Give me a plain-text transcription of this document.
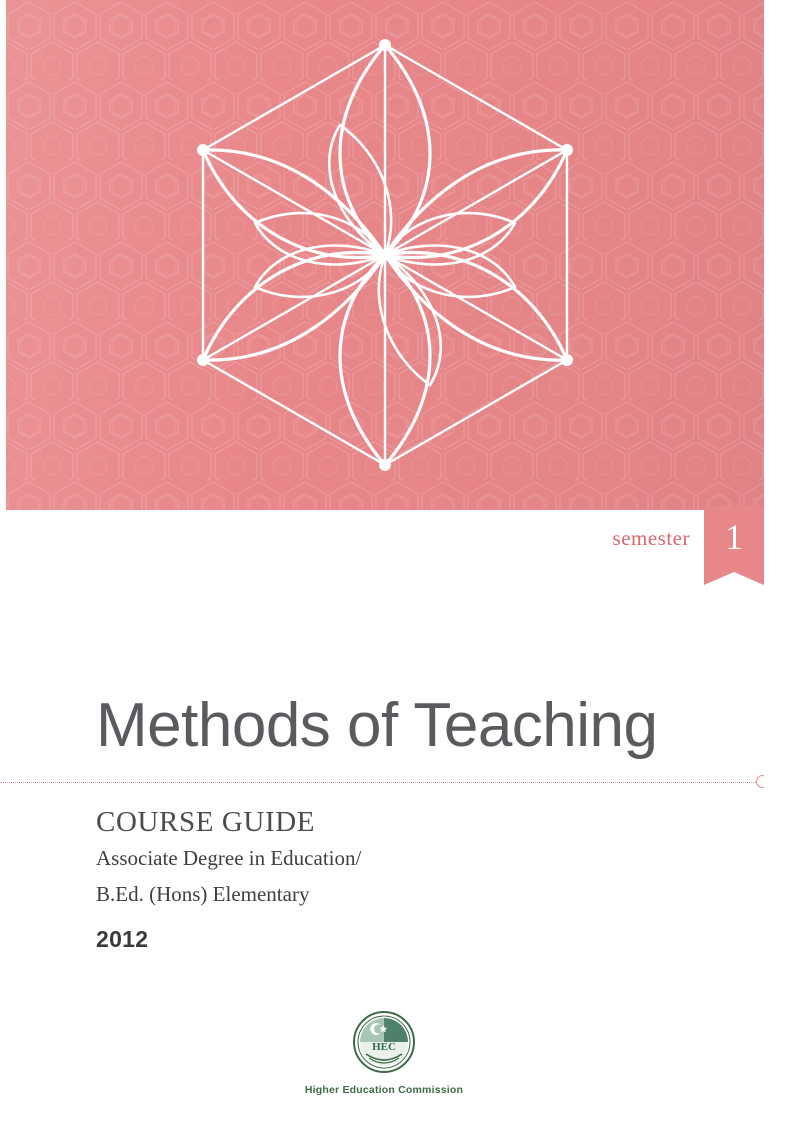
semester 1
Methods of Teaching
COURSE GUIDE
Associate Degree in Education/
B.Ed. (Hons) Elementary
2012
HEC
Higher Education Commission
